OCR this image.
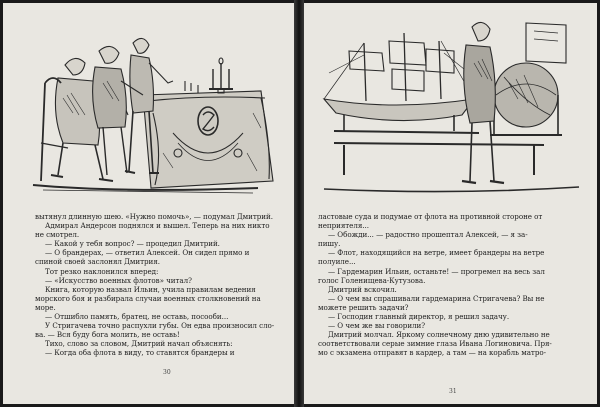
вытянул длинную шею. «Нужно помочь», — подумал Дмитрий.
Адмирал Андерсон поднялся и вышел. Теперь на них никто
не смотрел.
— Какой у тебя вопрос? — процедил Дмитрий.
— О брандерах, — ответил Алексей. Он сидел прямо и
спиной своей заслонял Дмитрия.
Тот резко наклонился вперед:
— «Искусство военных флотов» читал?
Книга, которую назвал Ильин, учила правилам ведения
морского боя и разбирала случаи военных столкновений на
море.
— Отшибло память, братец, не оставь, посооби...
У Стригачева точно распухли губы. Он едва произносил сло-
ва. — Вся буду бога молить, не оставь!
Тихо, слово за словом, Дмитрий начал объяснять:
— Когда оба флота в виду, то ставятся брандеры и
30
ластовые суда и подумае от флота на противной стороне от
неприятеля...
— Обожди... — радостно прошептал Алексей, — я за-
пишу.
— Флот, находящийся на ветре, имеет брандеры на ветре
полуиле...
— Гардемарин Ильин, останьте! — прогремел на весь зал
голос Голенищева-Кутузова.
Дмитрий вскочил.
— О чем вы спрашивали гардемарина Стригачева? Вы не
можете решить задачи?
— Господин главный директор, я решил задачу.
— О чем же вы говорили?
Дмитрий молчал. Яркому солнечному дню удивительно не
соответствовали серые зимние глаза Ивана Логиновича. Пря-
мо с экзамена отправят в кардер, а там — на корабль матро-
31
